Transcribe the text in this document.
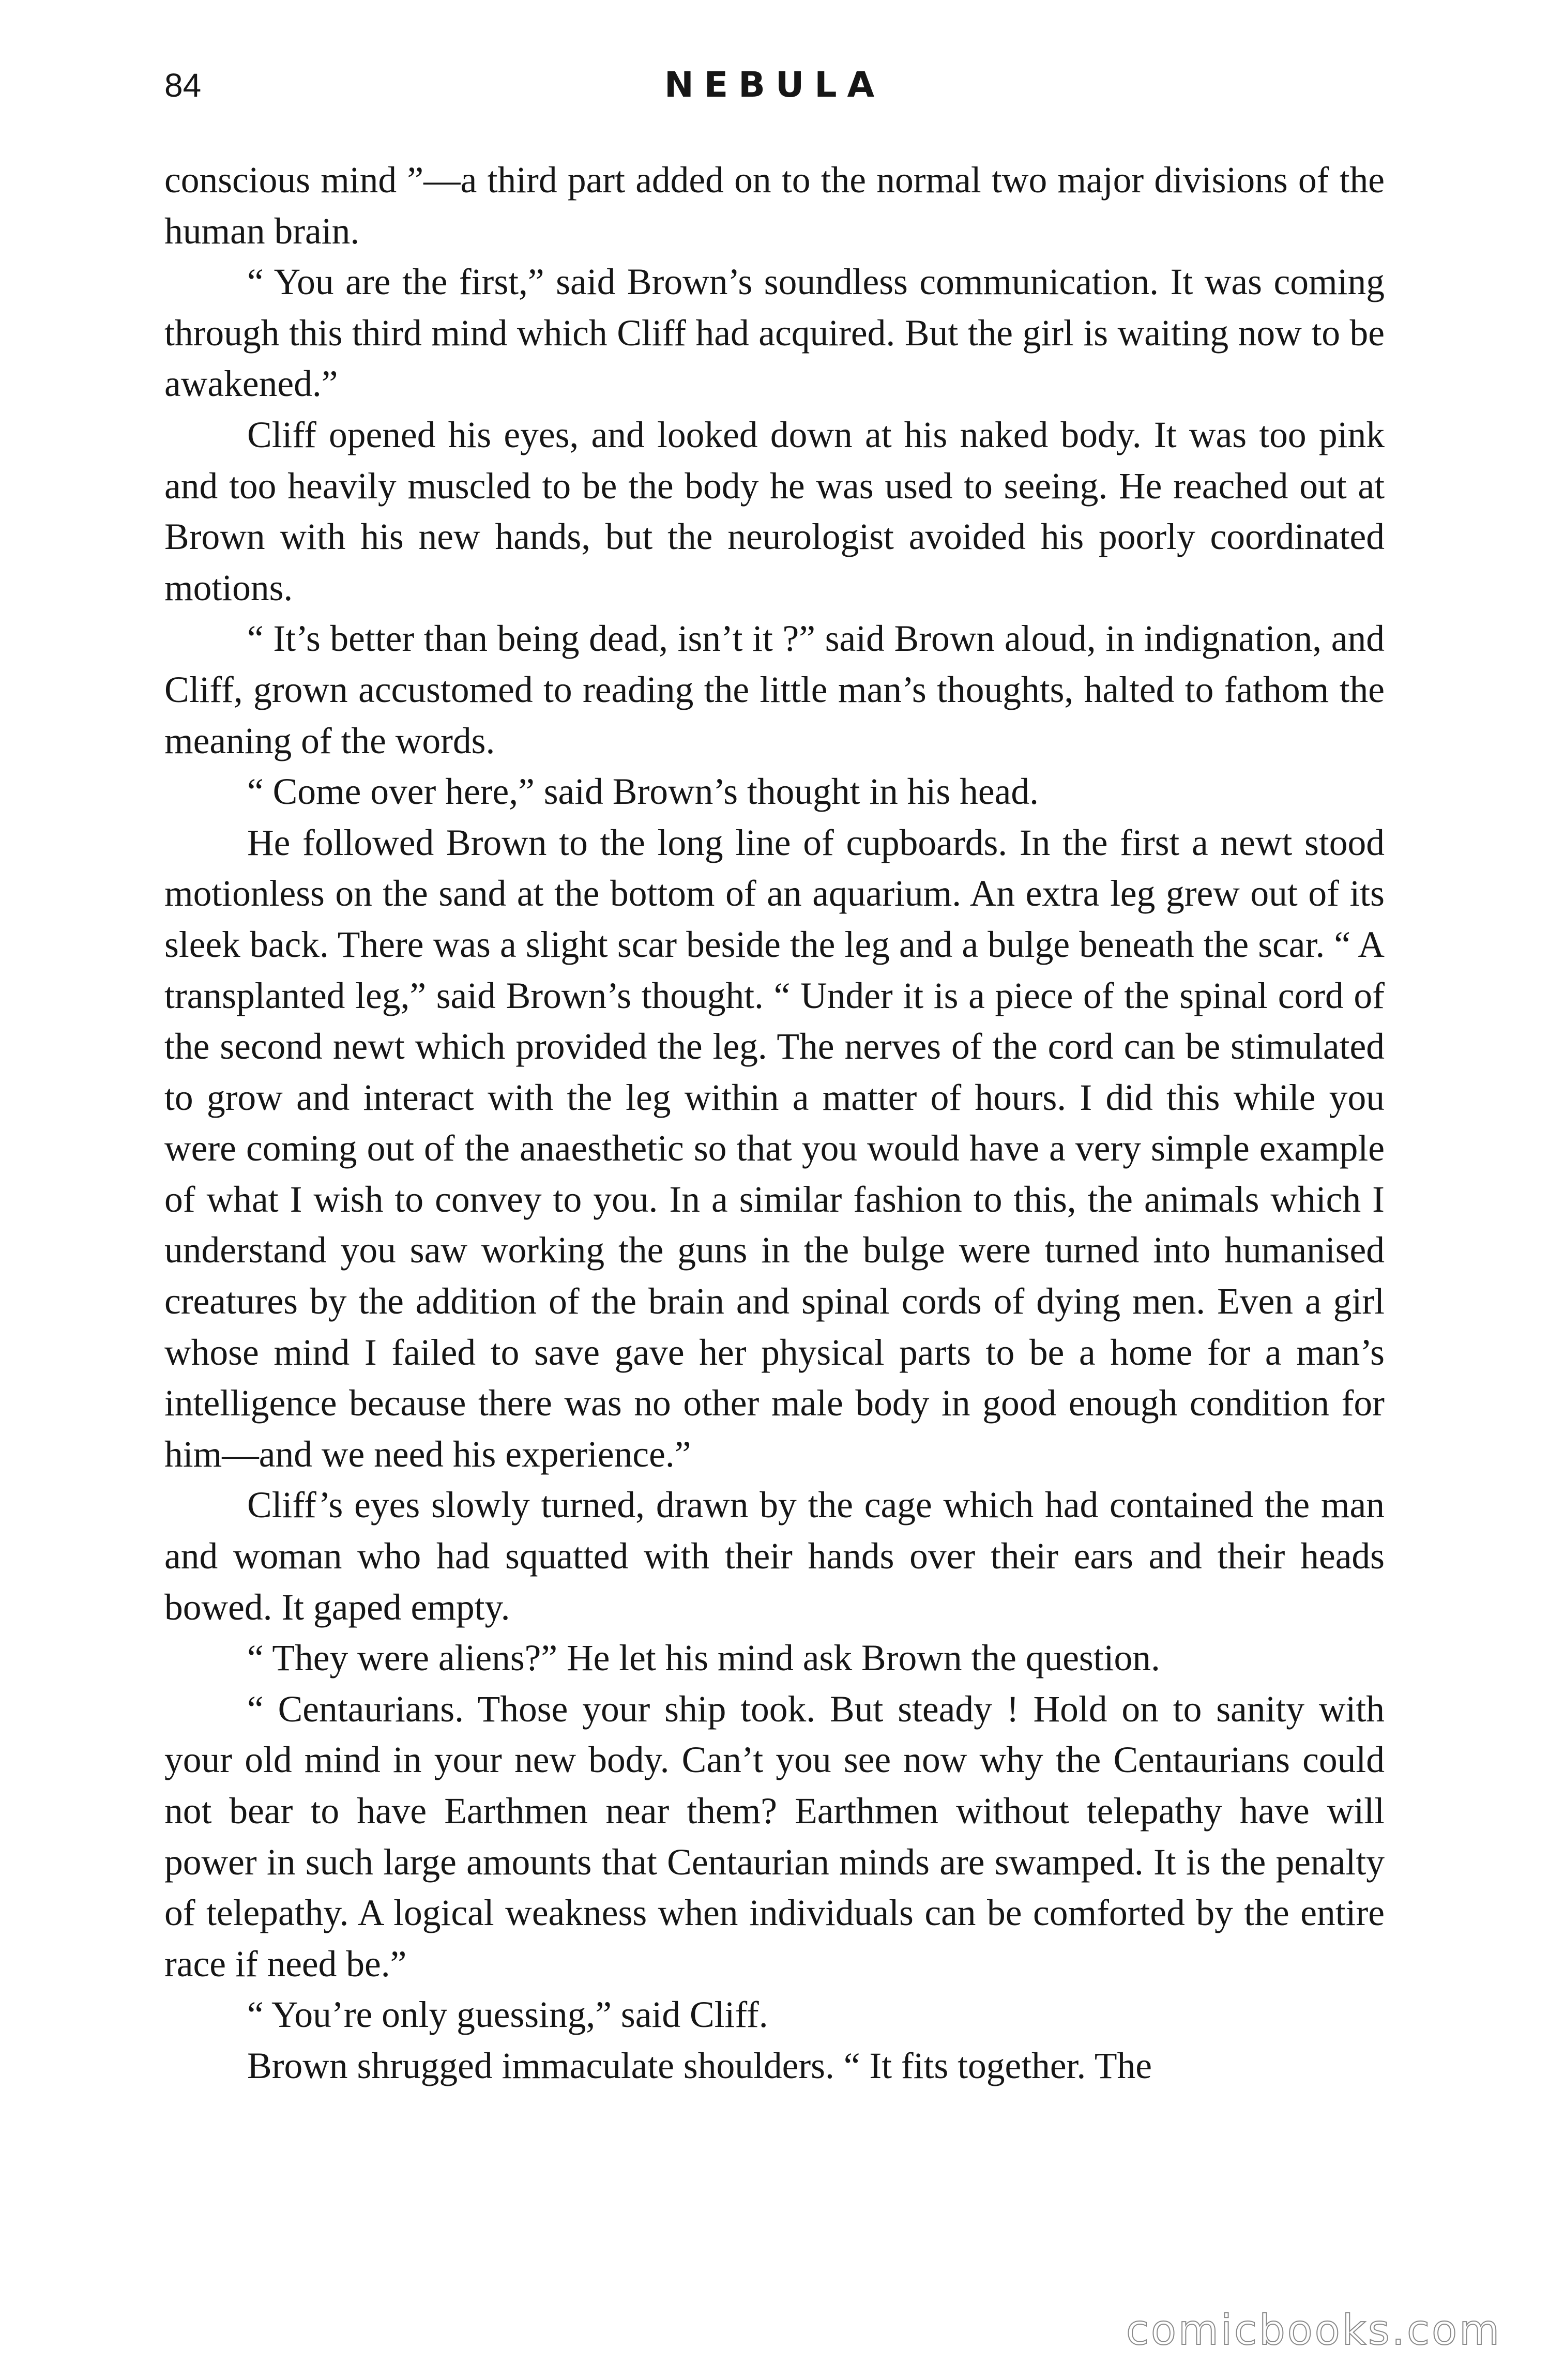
84	NEBULA

conscious mind ”—a third part added on to the normal two major divisions of the human brain.

“ You are the first,” said Brown’s soundless communication. It was coming through this third mind which Cliff had acquired. But the girl is waiting now to be awakened.”

Cliff opened his eyes, and looked down at his naked body. It was too pink and too heavily muscled to be the body he was used to seeing. He reached out at Brown with his new hands, but the neurologist avoided his poorly coordinated motions.

“ It’s better than being dead, isn’t it ?” said Brown aloud, in indignation, and Cliff, grown accustomed to reading the little man’s thoughts, halted to fathom the meaning of the words.

“ Come over here,” said Brown’s thought in his head.

He followed Brown to the long line of cupboards. In the first a newt stood motionless on the sand at the bottom of an aquarium. An extra leg grew out of its sleek back. There was a slight scar beside the leg and a bulge beneath the scar. “ A transplanted leg,” said Brown’s thought. “ Under it is a piece of the spinal cord of the second newt which provided the leg. The nerves of the cord can be stimulated to grow and interact with the leg within a matter of hours. I did this while you were coming out of the anaesthetic so that you would have a very simple example of what I wish to convey to you. In a similar fashion to this, the animals which I understand you saw working the guns in the bulge were turned into humanised creatures by the addition of the brain and spinal cords of dying men. Even a girl whose mind I failed to save gave her physical parts to be a home for a man’s intelligence because there was no other male body in good enough condition for him—and we need his experience.”

Cliff’s eyes slowly turned, drawn by the cage which had contained the man and woman who had squatted with their hands over their ears and their heads bowed. It gaped empty.

“ They were aliens?” He let his mind ask Brown the question.

“ Centaurians. Those your ship took. But steady ! Hold on to sanity with your old mind in your new body. Can’t you see now why the Centaurians could not bear to have Earthmen near them? Earthmen without telepathy have will power in such large amounts that Centaurian minds are swamped. It is the penalty of telepathy. A logical weakness when individuals can be comforted by the entire race if need be.”

“ You’re only guessing,” said Cliff.

Brown shrugged immaculate shoulders. “ It fits together. The

comicbooks.com
